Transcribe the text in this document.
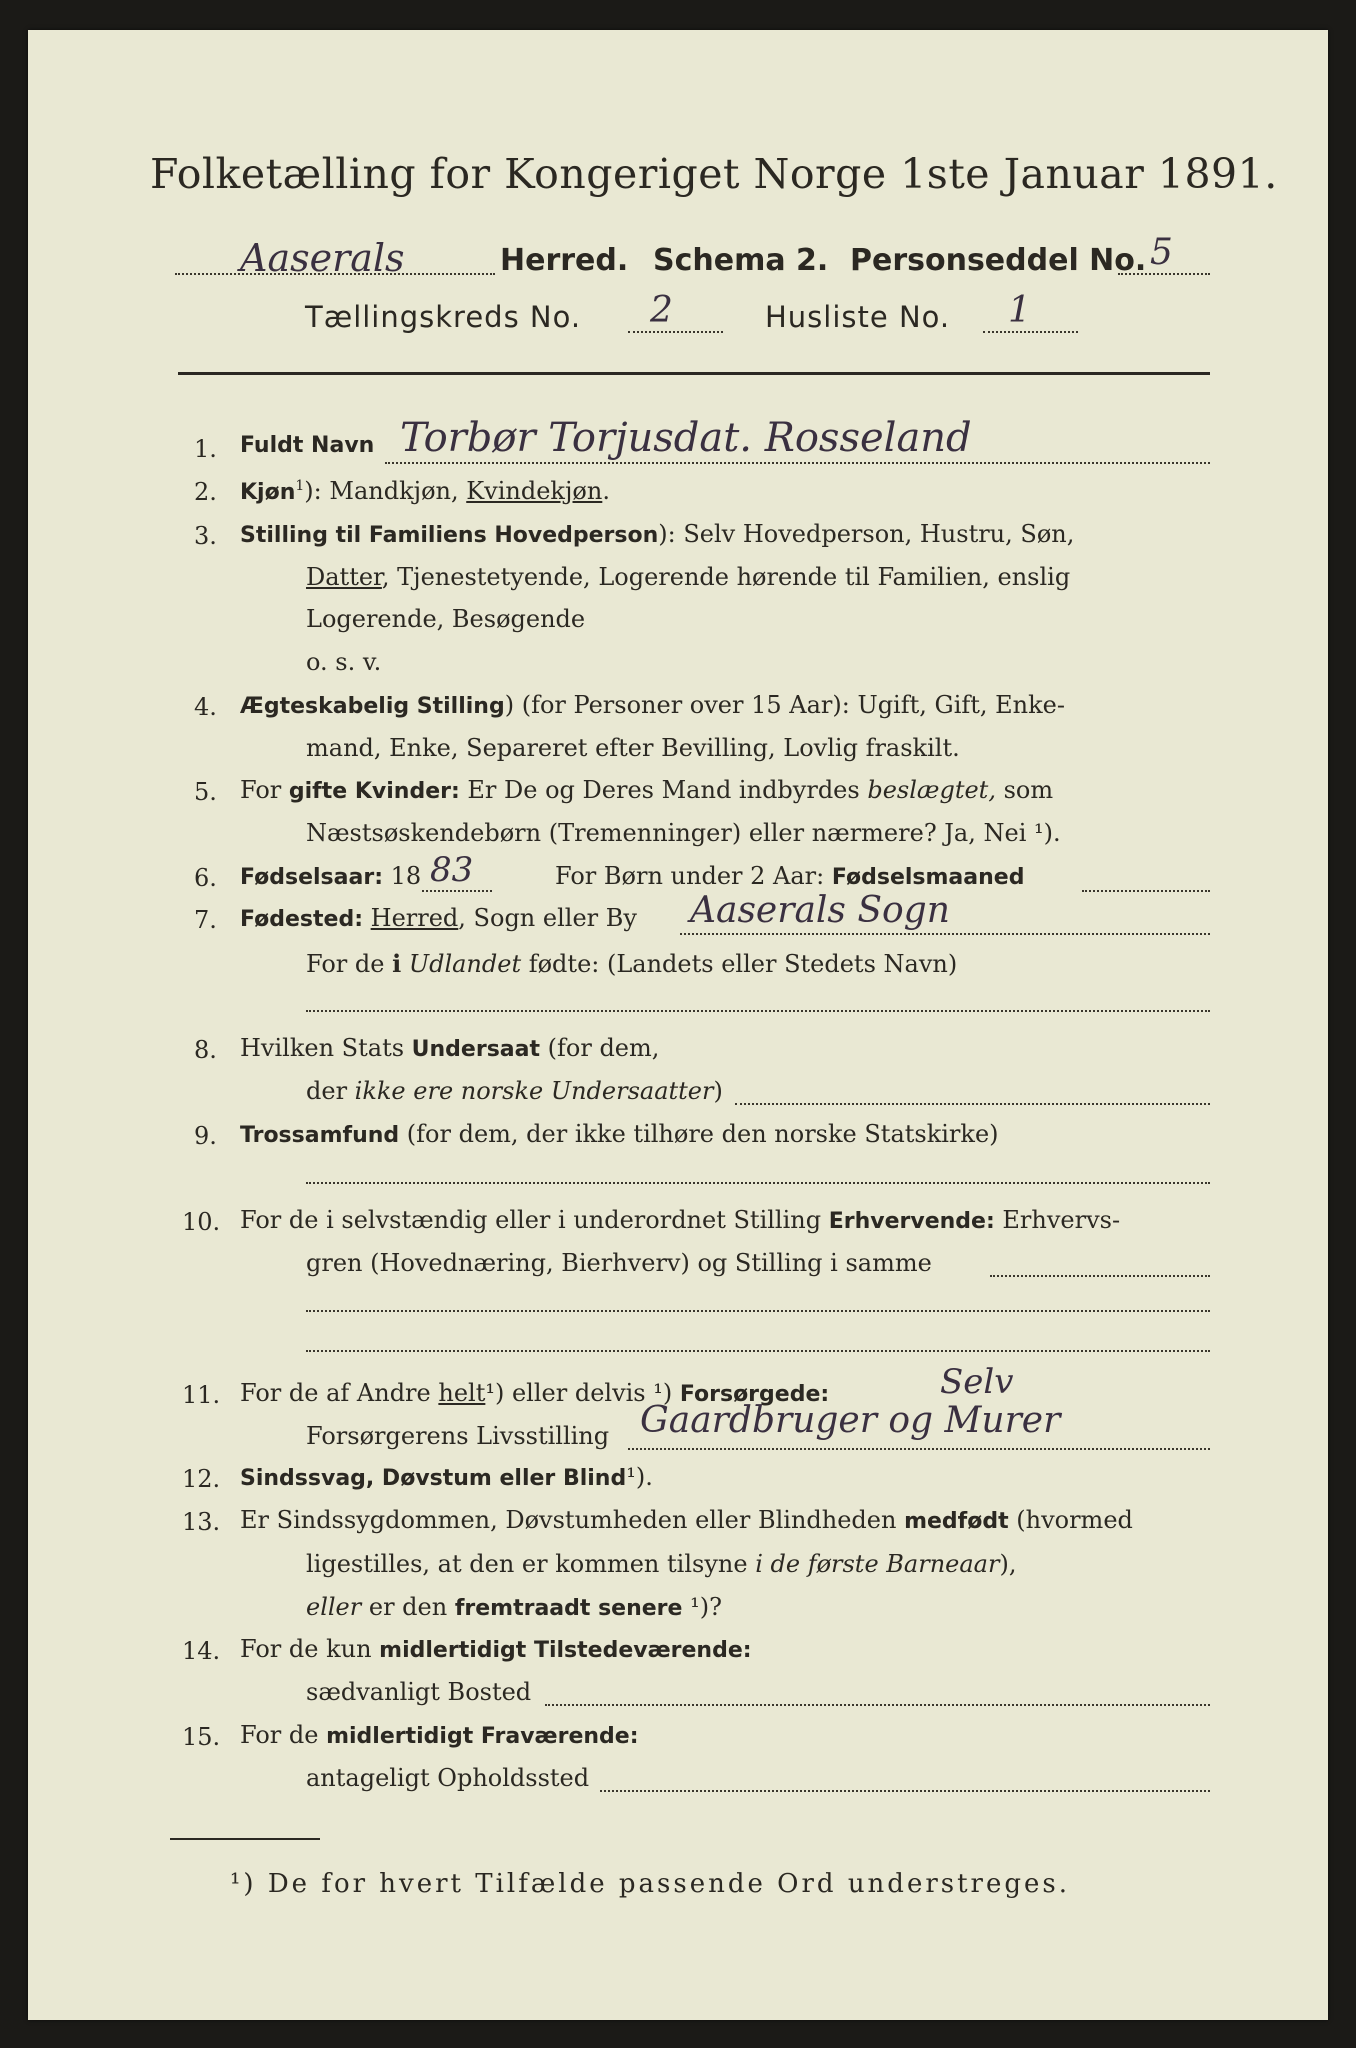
Folketælling for Kongeriget Norge 1ste Januar 1891.
Aaserals	Herred. Schema 2. Personseddel No. 5
Tællingskreds No. 2	Husliste No. 1
1. Fuldt Navn Torbør Torjusdat. Rosseland
2. Kjøn$^1$): Mandkjøn, Kvindekjøn.
3. Stilling til Familiens Hovedperson): Selv Hovedperson, Hustru, Søn,
Datter, Tjenestetyende, Logerende hørende til Familien, enslig
Logerende, Besøgende
o. s. v.
4. Ægteskabelig Stilling) (for Personer over 15 Aar): Ugift, Gift, Enke-
mand, Enke, Separeret efter Bevilling, Lovlig fraskilt.
5. For gifte Kvinder: Er De og Deres Mand indbyrdes beslægtet, som
Næstsøskendebørn (Tremenninger) eller nærmere? Ja, Nei ¹).
6. Fødselsaar: 18 83	For Børn under 2 Aar: Fødselsmaaned
7. Fødested: Herred, Sogn eller By Aaserals Sogn
For de i Udlandet fødte: (Landets eller Stedets Navn)
8. Hvilken Stats Undersaat (for dem,
der ikke ere norske Undersaatter)
9. Trossamfund (for dem, der ikke tilhøre den norske Statskirke)
10. For de i selvstændig eller i underordnet Stilling Erhvervende: Erhvervs-
gren (Hovednæring, Bierhverv) og Stilling i samme
11. For de af Andre helt¹) eller delvis ¹) Forsørgede:	Selv
Forsørgerens Livsstilling Gaardbruger og Murer
12. Sindssvag, Døvstum eller Blind¹).
13. Er Sindssygdommen, Døvstumheden eller Blindheden medfødt (hvormed
ligestilles, at den er kommen tilsyne i de første Barneaar),
eller er den fremtraadt senere ¹)?
14. For de kun midlertidigt Tilstedeværende:
sædvanligt Bosted
15. For de midlertidigt Fraværende:
antageligt Opholdssted
¹) De for hvert Tilfælde passende Ord understreges.
